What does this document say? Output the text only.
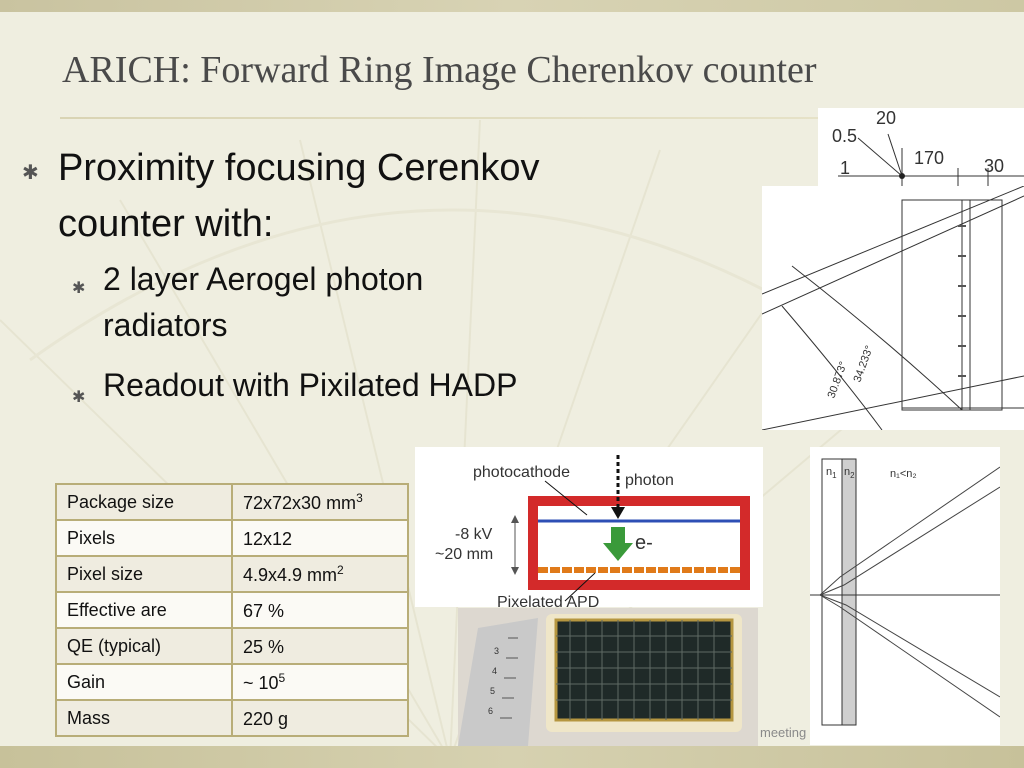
ARICH: Forward Ring Image Cherenkov counter
✱ Proximity focusing Cerenkov counter with:
✱ 2 layer Aerogel photon radiators
✱ Readout with Pixilated HADP
Package size	72x72x30 $mm^3$
Pixels	12x12
Pixel size	4.9x4.9 $mm^2$
Effective are	67 %
QE (typical)	25 %
Gain	~ $10^5$
Mass	220 g
0.5
20
1	170 30
30.873° 34.233°
photocathode	photon
-8 kV
~20 mm
e-
Pixelated APD
3
4
5
6
$n_1$ $n_2$	n₁<n₂
meeting
